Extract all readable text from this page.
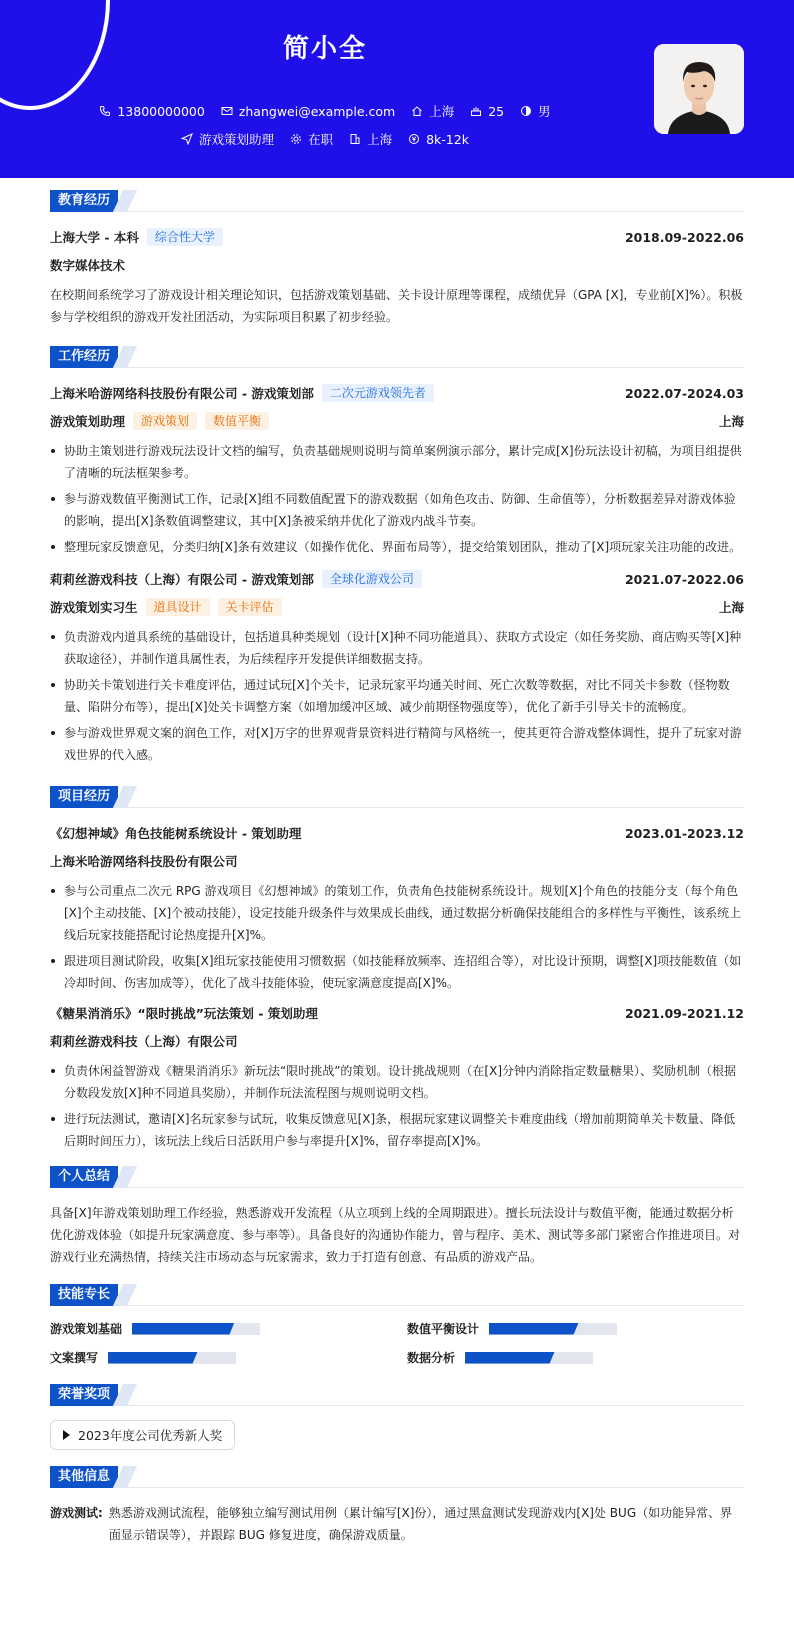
简小全
13800000000	zhangwei@example.com	上海	25	男
游戏策划助理	在职	上海	8k-12k
教育经历
上海大学 - 本科	综合性大学	2018.09-2022.06
数字媒体技术

在校期间系统学习了游戏设计相关理论知识，包括游戏策划基础、关卡设计原理等课程，成绩优异（GPA [X]，专业前[X]%）。积极参与学校组织的游戏开发社团活动，为实际项目积累了初步经验。

工作经历
上海米哈游网络科技股份有限公司 - 游戏策划部	二次元游戏领先者	2022.07-2024.03
游戏策划助理	游戏策划	数值平衡	上海
协助主策划进行游戏玩法设计文档的编写，负责基础规则说明与简单案例演示部分，累计完成[X]份玩法设计初稿，为项目组提供了清晰的玩法框架参考。
参与游戏数值平衡测试工作，记录[X]组不同数值配置下的游戏数据（如角色攻击、防御、生命值等），分析数据差异对游戏体验的影响，提出[X]条数值调整建议，其中[X]条被采纳并优化了游戏内战斗节奏。
整理玩家反馈意见，分类归纳[X]条有效建议（如操作优化、界面布局等），提交给策划团队，推动了[X]项玩家关注功能的改进。
莉莉丝游戏科技（上海）有限公司 - 游戏策划部	全球化游戏公司	2021.07-2022.06
游戏策划实习生	道具设计	关卡评估	上海
负责游戏内道具系统的基础设计，包括道具种类规划（设计[X]种不同功能道具）、获取方式设定（如任务奖励、商店购买等[X]种获取途径），并制作道具属性表，为后续程序开发提供详细数据支持。
协助关卡策划进行关卡难度评估，通过试玩[X]个关卡，记录玩家平均通关时间、死亡次数等数据，对比不同关卡参数（怪物数量、陷阱分布等），提出[X]处关卡调整方案（如增加缓冲区域、减少前期怪物强度等），优化了新手引导关卡的流畅度。
参与游戏世界观文案的润色工作，对[X]万字的世界观背景资料进行精简与风格统一，使其更符合游戏整体调性，提升了玩家对游戏世界的代入感。
项目经历
《幻想神域》角色技能树系统设计 - 策划助理	2023.01-2023.12
上海米哈游网络科技股份有限公司
参与公司重点二次元 RPG 游戏项目《幻想神域》的策划工作，负责角色技能树系统设计。规划[X]个角色的技能分支（每个角色[X]个主动技能、[X]个被动技能），设定技能升级条件与效果成长曲线，通过数据分析确保技能组合的多样性与平衡性，该系统上线后玩家技能搭配讨论热度提升[X]%。
跟进项目测试阶段，收集[X]组玩家技能使用习惯数据（如技能释放频率、连招组合等），对比设计预期，调整[X]项技能数值（如冷却时间、伤害加成等），优化了战斗技能体验，使玩家满意度提高[X]%。
《糖果消消乐》“限时挑战”玩法策划 - 策划助理	2021.09-2021.12
莉莉丝游戏科技（上海）有限公司
负责休闲益智游戏《糖果消消乐》新玩法“限时挑战”的策划。设计挑战规则（在[X]分钟内消除指定数量糖果）、奖励机制（根据分数段发放[X]种不同道具奖励），并制作玩法流程图与规则说明文档。
进行玩法测试，邀请[X]名玩家参与试玩，收集反馈意见[X]条，根据玩家建议调整关卡难度曲线（增加前期简单关卡数量、降低后期时间压力），该玩法上线后日活跃用户参与率提升[X]%，留存率提高[X]%。
个人总结

具备[X]年游戏策划助理工作经验，熟悉游戏开发流程（从立项到上线的全周期跟进）。擅长玩法设计与数值平衡，能通过数据分析优化游戏体验（如提升玩家满意度、参与率等）。具备良好的沟通协作能力，曾与程序、美术、测试等多部门紧密合作推进项目。对游戏行业充满热情，持续关注市场动态与玩家需求，致力于打造有创意、有品质的游戏产品。

技能专长
游戏策划基础	数值平衡设计
文案撰写	数据分析
荣誉奖项
2023年度公司优秀新人奖
其他信息
游戏测试: 熟悉游戏测试流程，能够独立编写测试用例（累计编写[X]份），通过黑盒测试发现游戏内[X]处 BUG（如功能异常、界面显示错误等），并跟踪 BUG 修复进度，确保游戏质量。
